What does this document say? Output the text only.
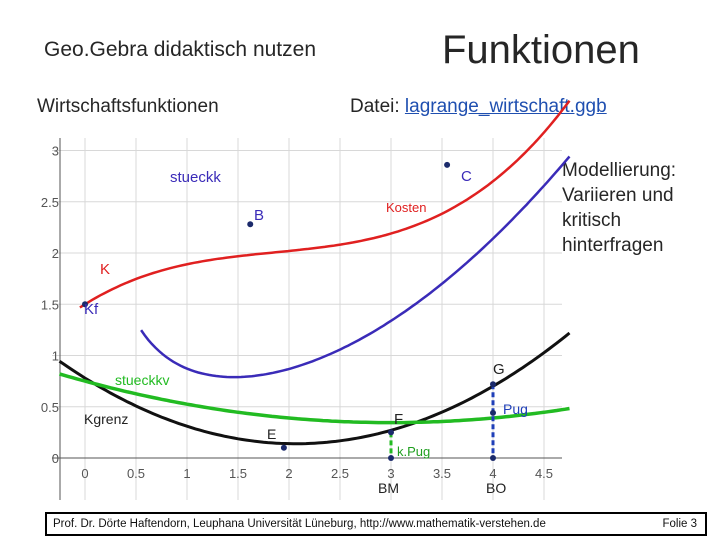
Geo.Gebra didaktisch nutzen	Funktionen
Wirtschaftsfunktionen	Datei: lagrange_wirtschaft.ggb
Modellierung:
Variieren und
kritisch
hinterfragen
3
2.5
2
1.5
1
0.5
0
0	0.5	1	1.5	2	2.5	3	3.5	4	4.5
stueckk
Kosten
K
Kf
stueckkv
Kgrenz
B
C
E
F
G
Pug
k.Pug
BM	BO
Prof. Dr. Dörte Haftendorn, Leuphana Universität Lüneburg, http://www.mathematik-verstehen.de	Folie 3
